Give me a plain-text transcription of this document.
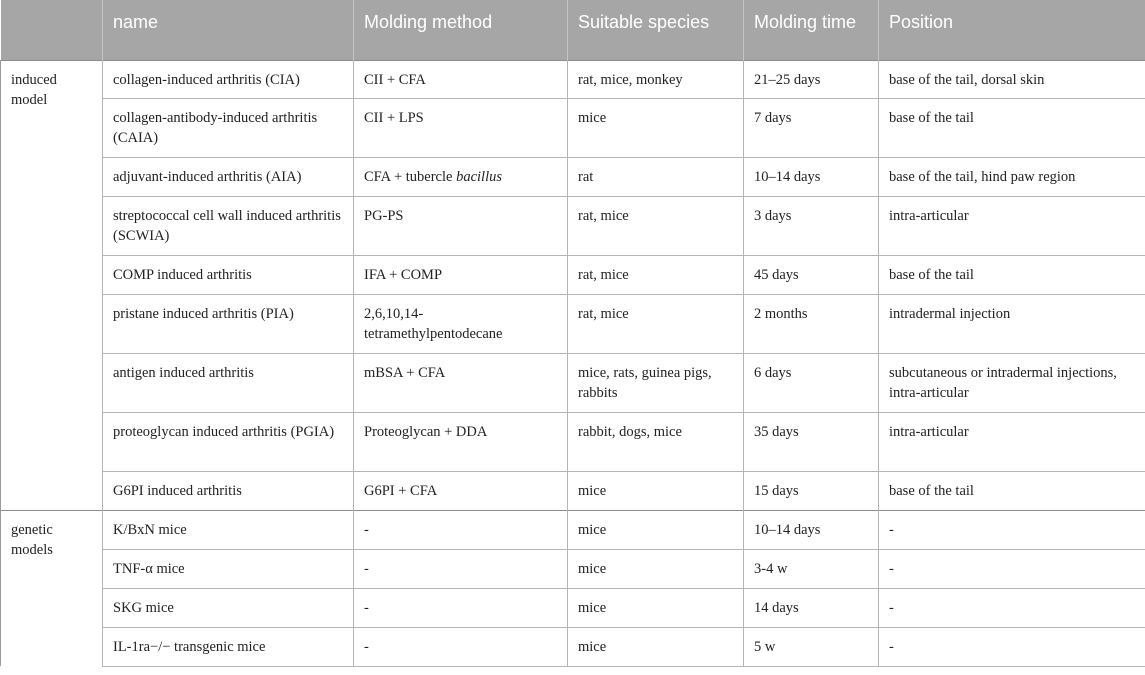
	name	Molding method	Suitable species	Molding time	Position
induced model	collagen-induced arthritis (CIA)	CII + CFA	rat, mice, monkey	21–25 days	base of the tail, dorsal skin
	collagen-antibody-induced arthritis (CAIA)	CII + LPS	mice	7 days	base of the tail
	adjuvant-induced arthritis (AIA)	CFA + tubercle bacillus	rat	10–14 days	base of the tail, hind paw region
	streptococcal cell wall induced arthritis (SCWIA)	PG-PS	rat, mice	3 days	intra-articular
	COMP induced arthritis	IFA + COMP	rat, mice	45 days	base of the tail
	pristane induced arthritis (PIA)	2,6,10,14-tetramethylpentodecane	rat, mice	2 months	intradermal injection
	antigen induced arthritis	mBSA + CFA	mice, rats, guinea pigs, rabbits	6 days	subcutaneous or intradermal injections, intra-articular
	proteoglycan induced arthritis (PGIA)	Proteoglycan + DDA	rabbit, dogs, mice	35 days	intra-articular
	G6PI induced arthritis	G6PI + CFA	mice	15 days	base of the tail
genetic models	K/BxN mice	-	mice	10–14 days	-
	TNF-α mice	-	mice	3-4 w	-
	SKG mice	-	mice	14 days	-
	IL-1ra−/− transgenic mice	-	mice	5 w	-
